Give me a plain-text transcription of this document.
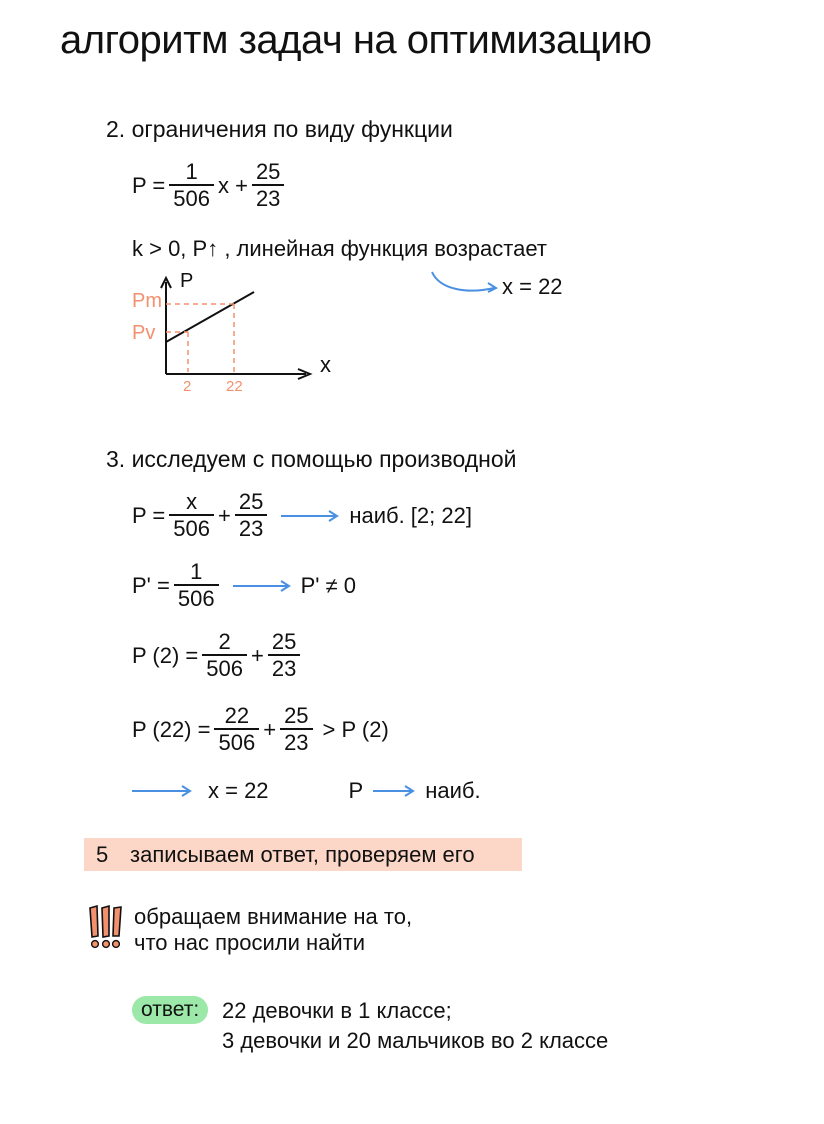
алгоритм задач на оптимизацию
2. ограничения по виду функции
$P = \frac{1}{506}$ $x + \frac{25}{23}$
k > 0, P↑ , линейная функция возрастает
x = 22
P
x
Pm
Pv
2 22
3. исследуем с помощью производной
$P = \frac{x}{506} + \frac{25}{23}$	наиб. [2; 22]
$P' = \frac{1}{506}$	P' ≠ 0
P $(2) = \frac{2}{506} + \frac{25}{23}$
P $(22) = \frac{22}{506} + \frac{25}{23} > P$ (2)
x = 22	P	наиб.
5 записываем ответ, проверяем его
обращаем внимание на то,
что нас просили найти
ответ:	22 девочки в 1 классе;
3 девочки и 20 мальчиков во 2 классе
